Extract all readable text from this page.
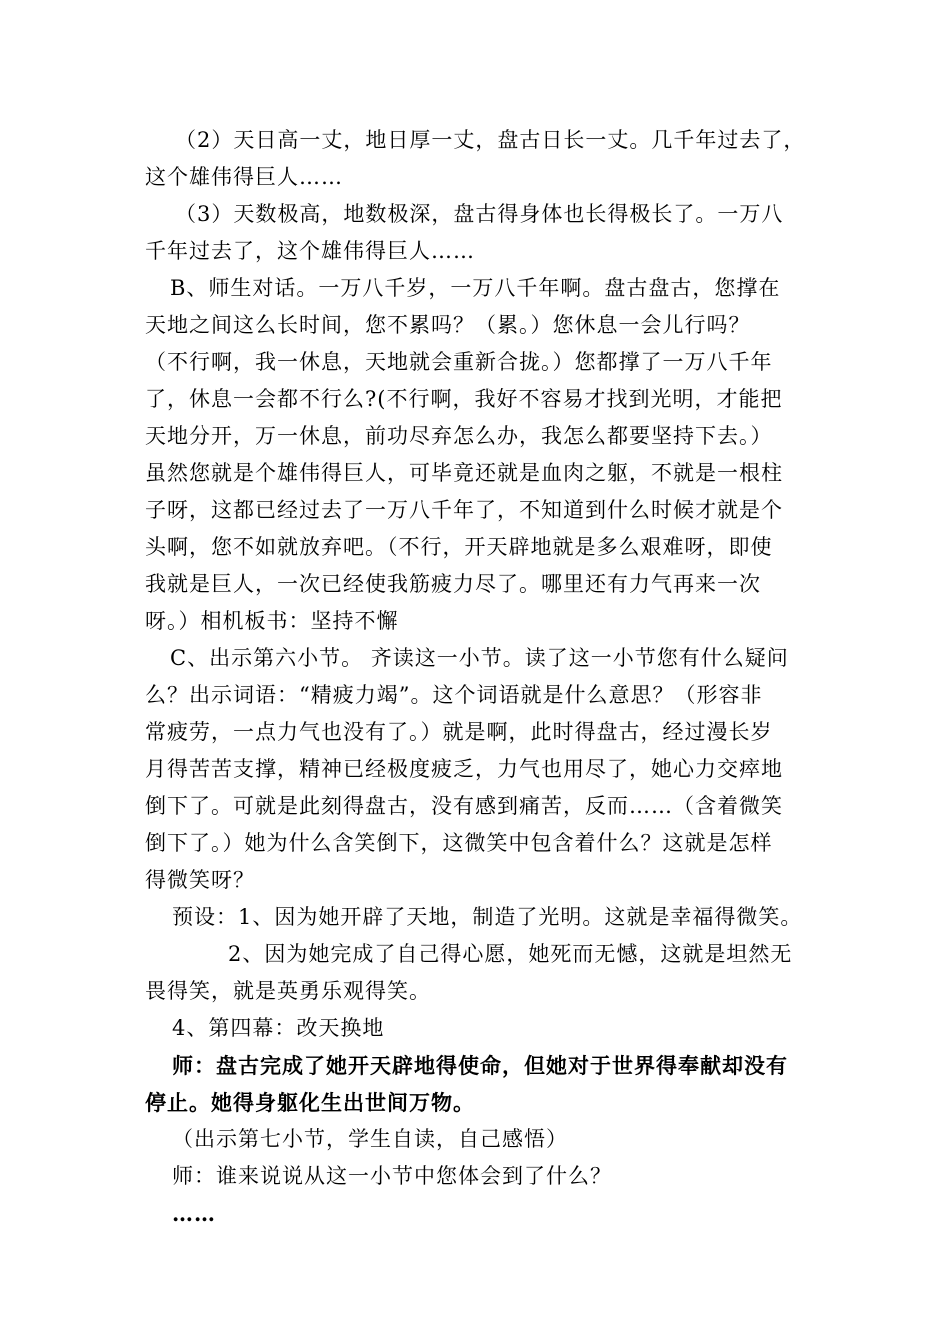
（2）天日高一丈，地日厚一丈，盘古日长一丈。几千年过去了，
这个雄伟得巨人……
（3）天数极高，地数极深，盘古得身体也长得极长了。一万八
千年过去了，这个雄伟得巨人……
B、师生对话。一万八千岁，一万八千年啊。盘古盘古，您撑在
天地之间这么长时间，您不累吗？（累。）您休息一会儿行吗？
（不行啊，我一休息，天地就会重新合拢。）您都撑了一万八千年
了，休息一会都不行么?(不行啊，我好不容易才找到光明，才能把
天地分开，万一休息，前功尽弃怎么办，我怎么都要坚持下去。）
虽然您就是个雄伟得巨人，可毕竟还就是血肉之躯，不就是一根柱
子呀，这都已经过去了一万八千年了，不知道到什么时候才就是个
头啊，您不如就放弃吧。（不行，开天辟地就是多么艰难呀，即使
我就是巨人，一次已经使我筋疲力尽了。哪里还有力气再来一次
呀。）相机板书：坚持不懈
C、出示第六小节。 齐读这一小节。读了这一小节您有什么疑问
么？出示词语：“精疲力竭”。这个词语就是什么意思？（形容非
常疲劳，一点力气也没有了。）就是啊，此时得盘古，经过漫长岁
月得苦苦支撑，精神已经极度疲乏，力气也用尽了，她心力交瘁地
倒下了。可就是此刻得盘古，没有感到痛苦，反而……（含着微笑
倒下了。）她为什么含笑倒下，这微笑中包含着什么？这就是怎样
得微笑呀？
预设：1、因为她开辟了天地，制造了光明。这就是幸福得微笑。
2、因为她完成了自己得心愿，她死而无憾，这就是坦然无
畏得笑，就是英勇乐观得笑。
4、第四幕：改天换地
师：盘古完成了她开天辟地得使命，但她对于世界得奉献却没有
停止。她得身躯化生出世间万物。
（出示第七小节，学生自读，自己感悟）
师：谁来说说从这一小节中您体会到了什么？
……
